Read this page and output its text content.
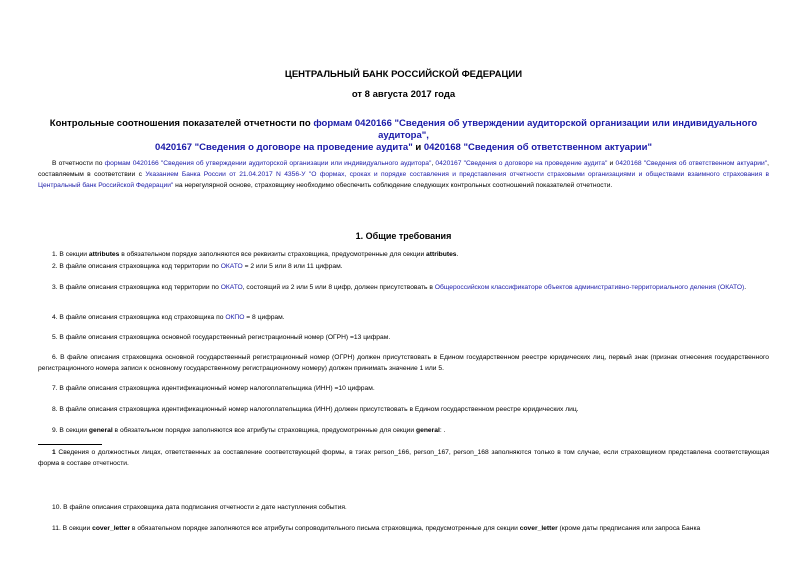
ЦЕНТРАЛЬНЫЙ БАНК РОССИЙСКОЙ ФЕДЕРАЦИИ
от 8 августа 2017 года
Контрольные соотношения показателей отчетности по формам 0420166 "Сведения об утверждении аудиторской организации или индивидуального аудитора",
0420167 "Сведения о договоре на проведение аудита" и 0420168 "Сведения об ответственном актуарии"
В отчетности по формам 0420166 "Сведения об утверждении аудиторской организации или индивидуального аудитора", 0420167 "Сведения о договоре на проведение аудита" и 0420168 "Сведения об ответственном актуарии", составляемым в соответствии с Указанием Банка России от 21.04.2017 N 4356-У "О формах, сроках и порядке составления и представления отчетности страховыми организациями и обществами взаимного страхования в Центральный банк Российской Федерации" на нерегулярной основе, страховщику необходимо обеспечить соблюдение следующих контрольных соотношений показателей отчетности.
1. Общие требования
1. В секции attributes в обязательном порядке заполняются все реквизиты страховщика, предусмотренные для секции attributes.
2. В файле описания страховщика код территории по ОКАТО = 2 или 5 или 8 или 11 цифрам.
3. В файле описания страховщика код территории по ОКАТО, состоящий из 2 или 5 или 8 цифр, должен присутствовать в Общероссийском классификаторе объектов административно-территориального деления (ОКАТО).
4. В файле описания страховщика код страховщика по ОКПО = 8 цифрам.
5. В файле описания страховщика основной государственный регистрационный номер (ОГРН) =13 цифрам.
6. В файле описания страховщика основной государственный регистрационный номер (ОГРН) должен присутствовать в Едином государственном реестре юридических лиц, первый знак (признак отнесения государственного регистрационного номера записи к основному государственному регистрационному номеру) должен принимать значение 1 или 5.
7. В файле описания страховщика идентификационный номер налогоплательщика (ИНН) =10 цифрам.
8. В файле описания страховщика идентификационный номер налогоплательщика (ИНН) должен присутствовать в Едином государственном реестре юридических лиц.
9. В секции general в обязательном порядке заполняются все атрибуты страховщика, предусмотренные для секции general: .
1 Сведения о должностных лицах, ответственных за составление соответствующей формы, в тэгах person_166, person_167, person_168 заполняются только в том случае, если страховщиком представлена соответствующая форма в составе отчетности.
10. В файле описания страховщика дата подписания отчетности ≥ дате наступления события.
11. В секции cover_letter в обязательном порядке заполняются все атрибуты сопроводительного письма страховщика, предусмотренные для секции cover_letter (кроме даты предписания или запроса Банка
